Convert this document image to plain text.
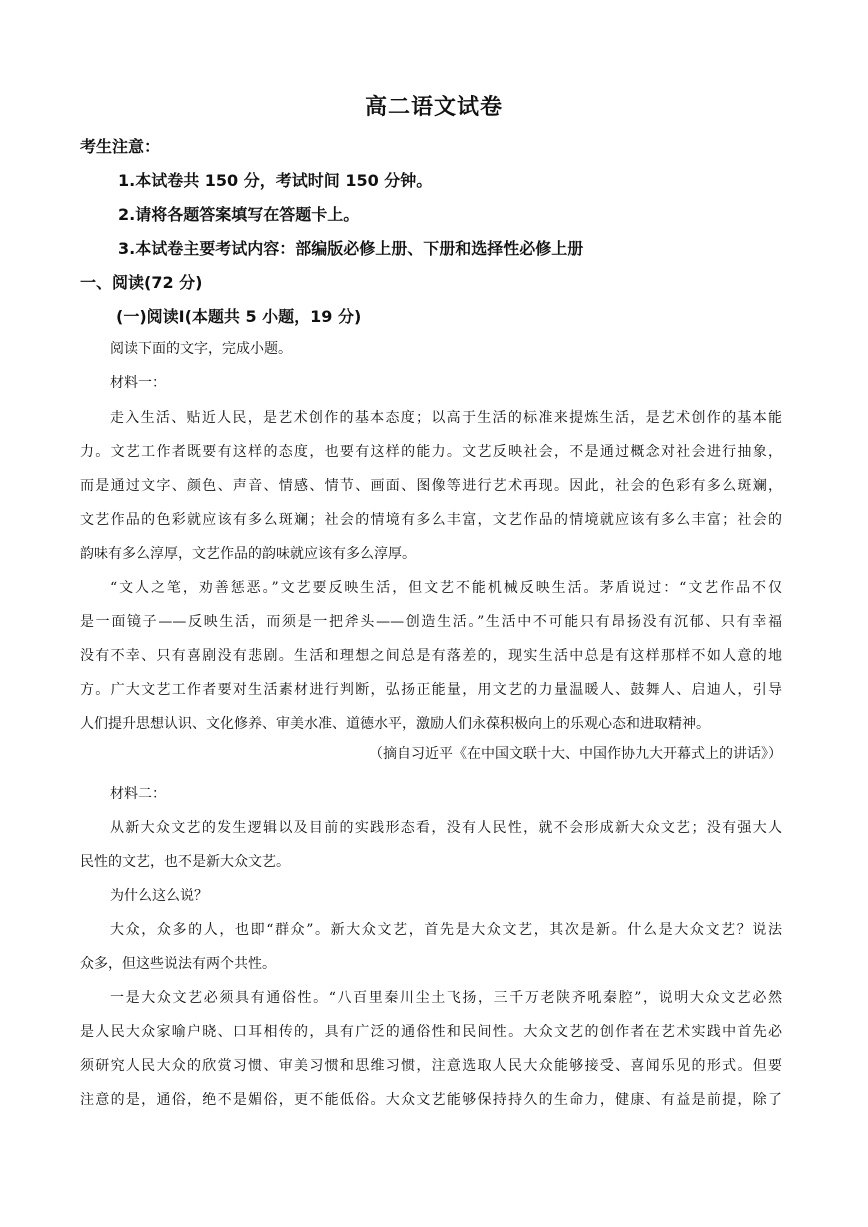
高二语文试卷
考生注意：
1.本试卷共 150 分，考试时间 150 分钟。
2.请将各题答案填写在答题卡上。
3.本试卷主要考试内容：部编版必修上册、下册和选择性必修上册
一、阅读(72 分)
(一)阅读Ⅰ(本题共 5 小题，19 分)
阅读下面的文字，完成小题。
材料一：
走入生活、贴近人民，是艺术创作的基本态度；以高于生活的标准来提炼生活，是艺术创作的基本能
力。文艺工作者既要有这样的态度，也要有这样的能力。文艺反映社会，不是通过概念对社会进行抽象，
而是通过文字、颜色、声音、情感、情节、画面、图像等进行艺术再现。因此，社会的色彩有多么斑斓，
文艺作品的色彩就应该有多么斑斓；社会的情境有多么丰富，文艺作品的情境就应该有多么丰富；社会的
韵味有多么淳厚，文艺作品的韵味就应该有多么淳厚。
“文人之笔，劝善惩恶。”文艺要反映生活，但文艺不能机械反映生活。茅盾说过：“文艺作品不仅
是一面镜子——反映生活，而须是一把斧头——创造生活。”生活中不可能只有昂扬没有沉郁、只有幸福
没有不幸、只有喜剧没有悲剧。生活和理想之间总是有落差的，现实生活中总是有这样那样不如人意的地
方。广大文艺工作者要对生活素材进行判断，弘扬正能量，用文艺的力量温暖人、鼓舞人、启迪人，引导
人们提升思想认识、文化修养、审美水准、道德水平，激励人们永葆积极向上的乐观心态和进取精神。
（摘自习近平《在中国文联十大、中国作协九大开幕式上的讲话》）
材料二：
从新大众文艺的发生逻辑以及目前的实践形态看，没有人民性，就不会形成新大众文艺；没有强大人
民性的文艺，也不是新大众文艺。
为什么这么说？
大众，众多的人，也即“群众”。新大众文艺，首先是大众文艺，其次是新。什么是大众文艺？说法
众多，但这些说法有两个共性。
一是大众文艺必须具有通俗性。“八百里秦川尘土飞扬，三千万老陕齐吼秦腔”，说明大众文艺必然
是人民大众家喻户晓、口耳相传的，具有广泛的通俗性和民间性。大众文艺的创作者在艺术实践中首先必
须研究人民大众的欣赏习惯、审美习惯和思维习惯，注意选取人民大众能够接受、喜闻乐见的形式。但要
注意的是，通俗，绝不是媚俗，更不能低俗。大众文艺能够保持持久的生命力，健康、有益是前提，除了
